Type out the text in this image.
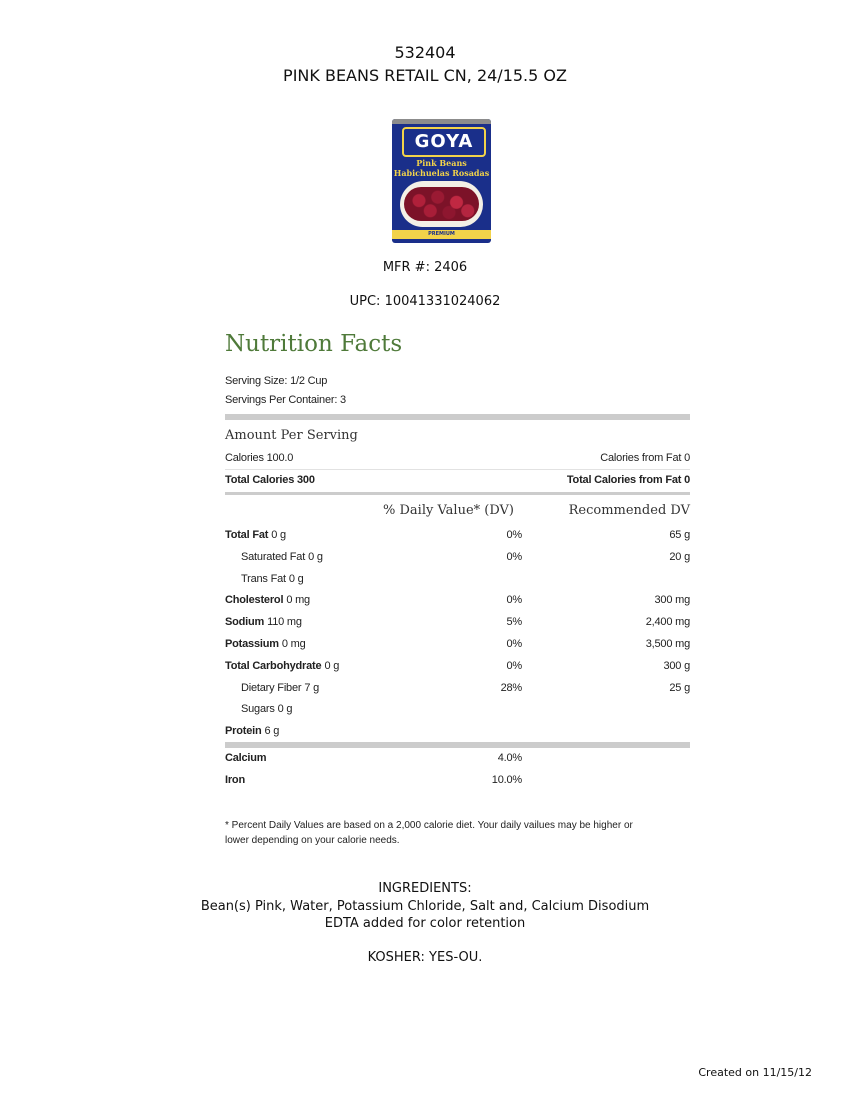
532404
PINK BEANS RETAIL CN, 24/15.5 OZ
GOYA
Pink Beans
Habichuelas Rosadas
PREMIUM
MFR #: 2406
UPC: 10041331024062
Nutrition Facts
Serving Size: 1/2 Cup
Servings Per Container: 3
Amount Per Serving
Calories 100.0	Calories from Fat 0
Total Calories 300	Total Calories from Fat 0
% Daily Value* (DV)	Recommended DV
Total Fat 0 g	0%	65 g
Saturated Fat 0 g	0%	20 g
Trans Fat 0 g
Cholesterol 0 mg	0%	300 mg
Sodium 110 mg	5%	2,400 mg
Potassium 0 mg	0%	3,500 mg
Total Carbohydrate 0 g	0%	300 g
Dietary Fiber 7 g	28%	25 g
Sugars 0 g
Protein 6 g
Calcium	4.0%
Iron	10.0%
* Percent Daily Values are based on a 2,000 calorie diet. Your daily vailues may be higher or
lower depending on your calorie needs.
INGREDIENTS:
Bean(s) Pink, Water, Potassium Chloride, Salt and, Calcium Disodium
EDTA added for color retention
KOSHER: YES-OU.
Created on 11/15/12
